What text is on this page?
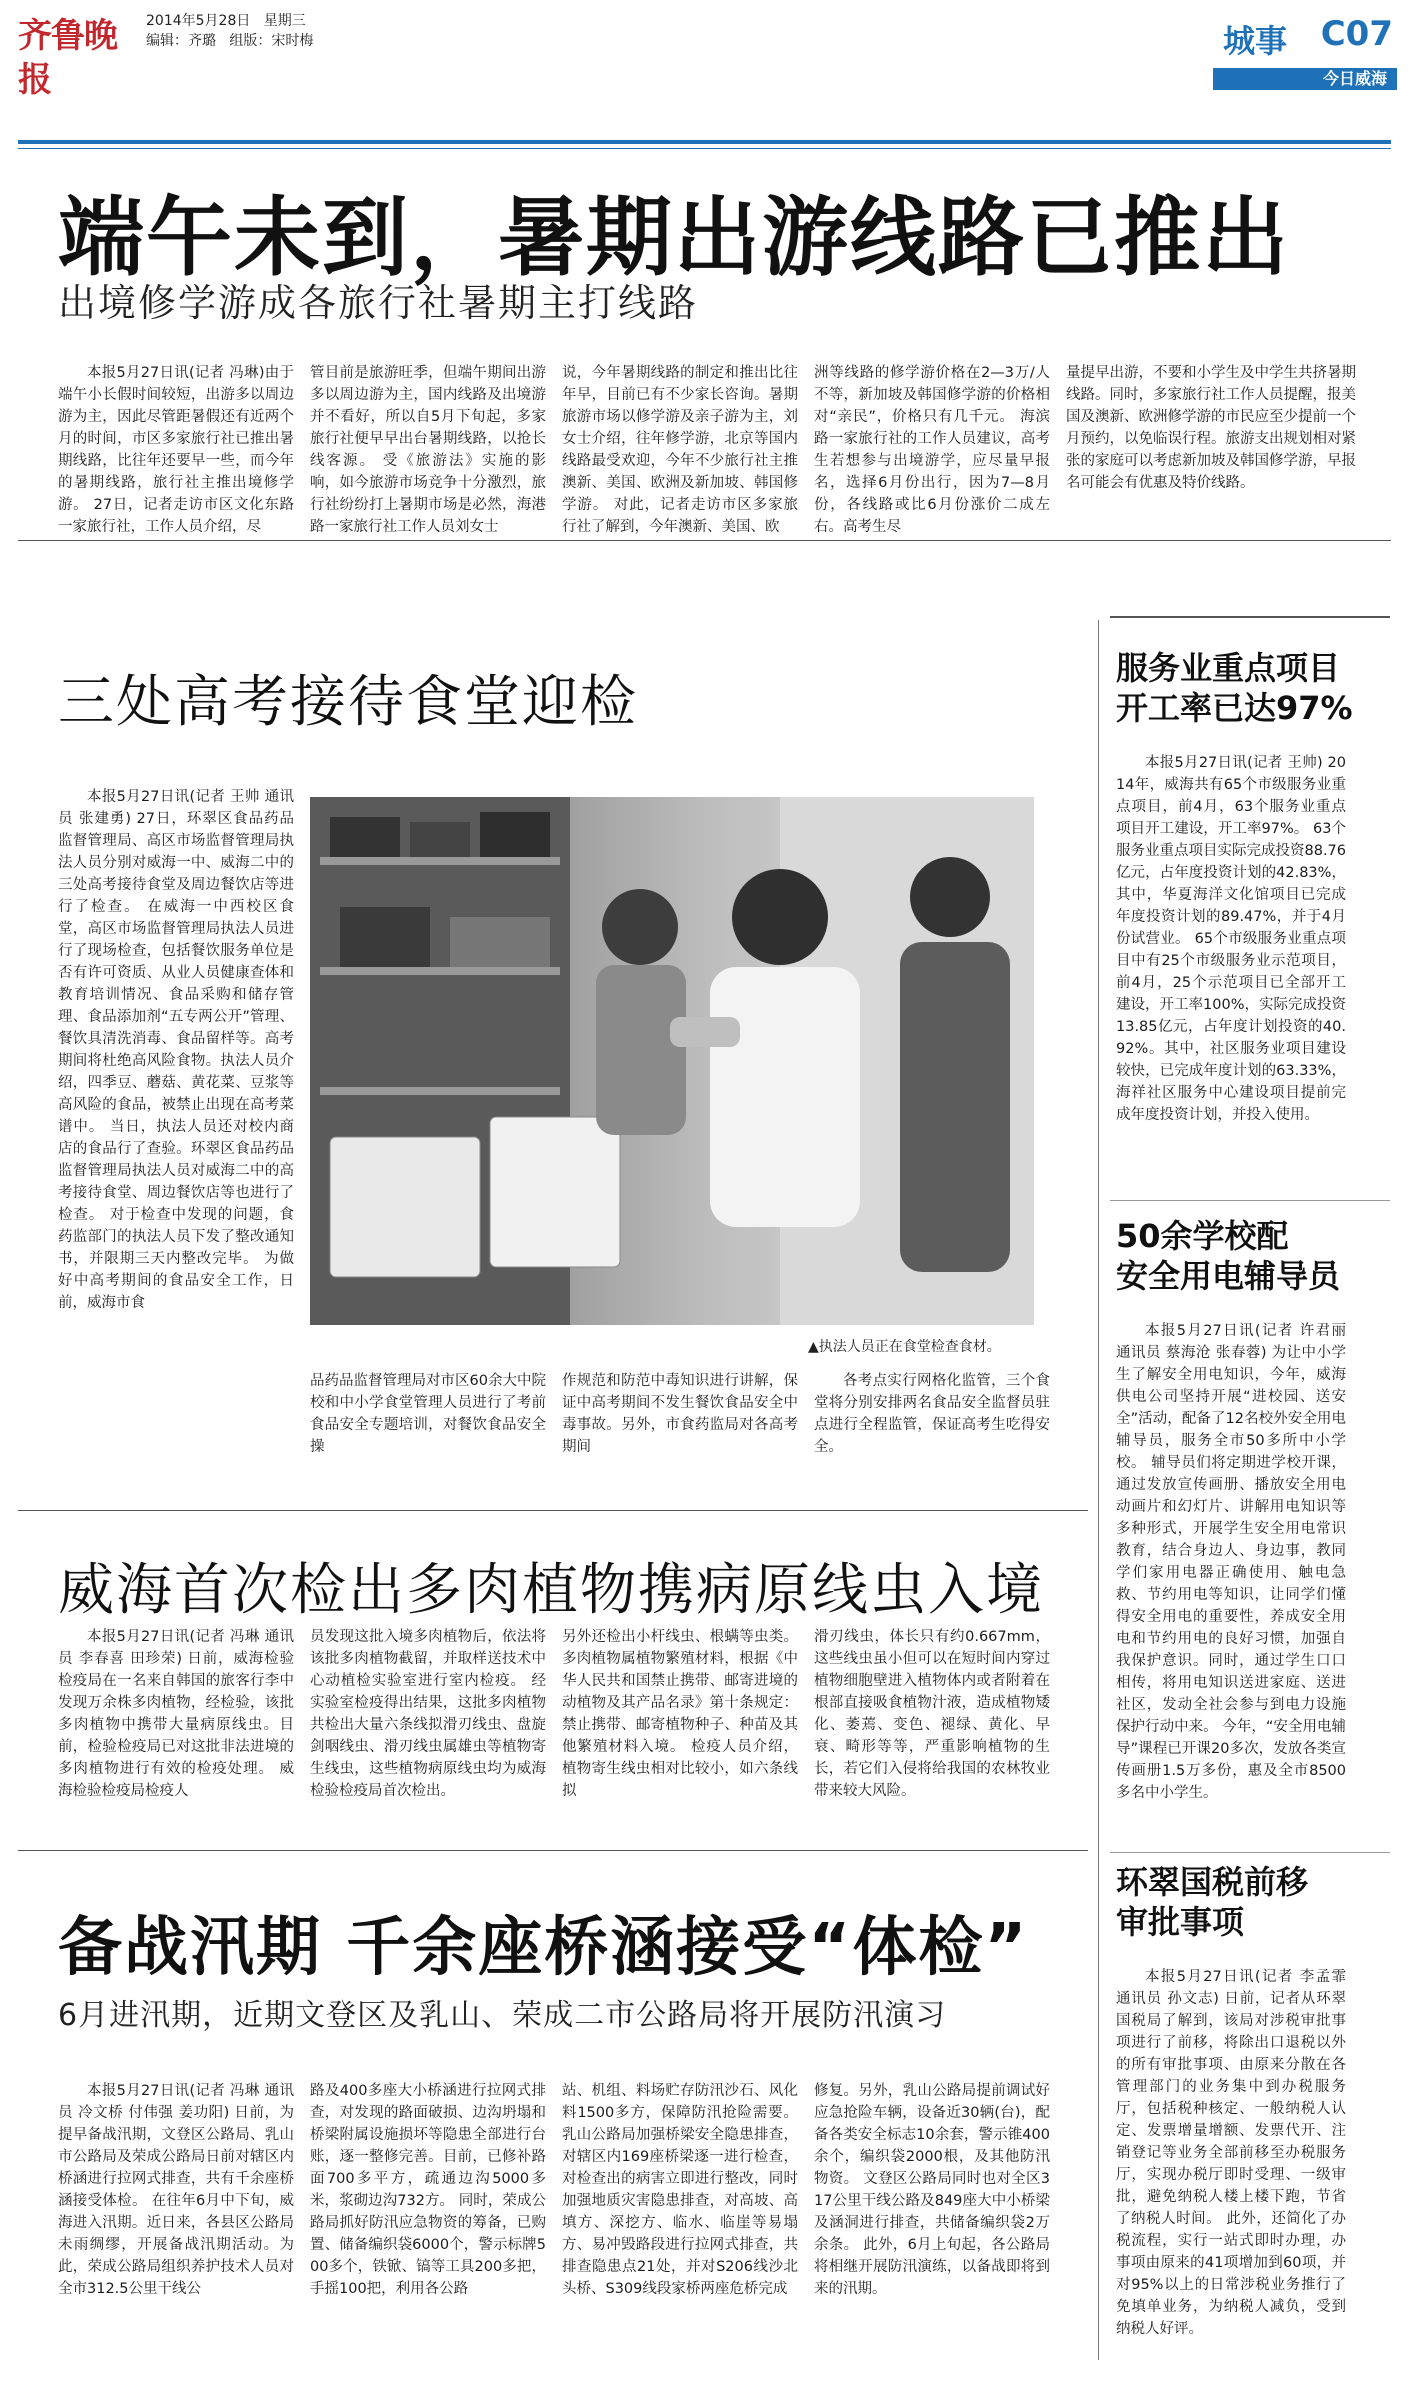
齐鲁晚报
2014年5月28日 星期三
编辑：齐璐 组版：宋时梅	城事 C07
今日威海
端午未到，暑期出游线路已推出
出境修学游成各旅行社暑期主打线路
本报5月27日讯(记者 冯琳)由于端午小长假时间较短，出游多以周边游为主，因此尽管距暑假还有近两个月的时间，市区多家旅行社已推出暑期线路，比往年还要早一些，而今年的暑期线路，旅行社主推出境修学游。 27日，记者走访市区文化东路一家旅行社，工作人员介绍，尽
管目前是旅游旺季，但端午期间出游多以周边游为主，国内线路及出境游并不看好，所以自5月下旬起，多家旅行社便早早出台暑期线路，以抢长线客源。 受《旅游法》实施的影响，如今旅游市场竞争十分激烈，旅行社纷纷打上暑期市场是必然，海港路一家旅行社工作人员刘女士
说，今年暑期线路的制定和推出比往年早，目前已有不少家长咨询。暑期旅游市场以修学游及亲子游为主，刘女士介绍，往年修学游，北京等国内线路最受欢迎，今年不少旅行社主推澳新、美国、欧洲及新加坡、韩国修学游。 对此，记者走访市区多家旅行社了解到，今年澳新、美国、欧
洲等线路的修学游价格在2—3万/人不等，新加坡及韩国修学游的价格相对“亲民”，价格只有几千元。 海滨路一家旅行社的工作人员建议，高考生若想参与出境游学，应尽量早报名，选择6月份出行，因为7—8月份，各线路或比6月份涨价二成左右。高考生尽
量提早出游，不要和小学生及中学生共挤暑期线路。同时，多家旅行社工作人员提醒，报美国及澳新、欧洲修学游的市民应至少提前一个月预约，以免临误行程。旅游支出规划相对紧张的家庭可以考虑新加坡及韩国修学游，早报名可能会有优惠及特价线路。
三处高考接待食堂迎检
本报5月27日讯(记者 王帅 通讯员 张建勇) 27日，环翠区食品药品监督管理局、高区市场监督管理局执法人员分别对威海一中、威海二中的三处高考接待食堂及周边餐饮店等进行了检查。 在威海一中西校区食堂，高区市场监督管理局执法人员进行了现场检查，包括餐饮服务单位是否有许可资质、从业人员健康查体和教育培训情况、食品采购和储存管理、食品添加剂“五专两公开”管理、餐饮具清洗消毒、食品留样等。高考期间将杜绝高风险食物。执法人员介绍，四季豆、蘑菇、黄花菜、豆浆等高风险的食品，被禁止出现在高考菜谱中。 当日，执法人员还对校内商店的食品行了查验。环翠区食品药品监督管理局执法人员对威海二中的高考接待食堂、周边餐饮店等也进行了检查。 对于检查中发现的问题，食药监部门的执法人员下发了整改通知书，并限期三天内整改完毕。 为做好中高考期间的食品安全工作，日前，威海市食
▲执法人员正在食堂检查食材。
品药品监督管理局对市区60余大中院校和中小学食堂管理人员进行了考前食品安全专题培训，对餐饮食品安全操
作规范和防范中毒知识进行讲解，保证中高考期间不发生餐饮食品安全中毒事故。另外，市食药监局对各高考期间
各考点实行网格化监管，三个食堂将分别安排两名食品安全监督员驻点进行全程监管，保证高考生吃得安全。
威海首次检出多肉植物携病原线虫入境
本报5月27日讯(记者 冯琳 通讯员 李春喜 田珍荣) 日前，威海检验检疫局在一名来自韩国的旅客行李中发现万余株多肉植物，经检验，该批多肉植物中携带大量病原线虫。目前，检验检疫局已对这批非法进境的多肉植物进行有效的检疫处理。 威海检验检疫局检疫人
员发现这批入境多肉植物后，依法将该批多肉植物截留，并取样送技术中心动植检实验室进行室内检疫。 经实验室检疫得出结果，这批多肉植物共检出大量六条线拟滑刃线虫、盘旋剑咽线虫、滑刃线虫属雄虫等植物寄生线虫，这些植物病原线虫均为威海检验检疫局首次检出。
另外还检出小杆线虫、根螨等虫类。 多肉植物属植物繁殖材料，根据《中华人民共和国禁止携带、邮寄进境的动植物及其产品名录》第十条规定：禁止携带、邮寄植物种子、种苗及其他繁殖材料入境。 检疫人员介绍，植物寄生线虫相对比较小，如六条线拟
滑刃线虫，体长只有约0.667mm，这些线虫虽小但可以在短时间内穿过植物细胞壁进入植物体内或者附着在根部直接吸食植物汁液，造成植物矮化、萎蔫、变色、褪绿、黄化、早衰、畸形等等，严重影响植物的生长，若它们入侵将给我国的农林牧业带来较大风险。
备战汛期 千余座桥涵接受“体检”
6月进汛期，近期文登区及乳山、荣成二市公路局将开展防汛演习
本报5月27日讯(记者 冯琳 通讯员 冷文桥 付伟强 姜功阳) 日前，为提早备战汛期，文登区公路局、乳山市公路局及荣成公路局日前对辖区内桥涵进行拉网式排查，共有千余座桥涵接受体检。 在往年6月中下旬，威海进入汛期。近日来，各县区公路局未雨绸缪，开展备战汛期活动。为此，荣成公路局组织养护技术人员对全市312.5公里干线公
路及400多座大小桥涵进行拉网式排查，对发现的路面破损、边沟坍塌和桥梁附属设施损坏等隐患全部进行台账，逐一整修完善。目前，已修补路面700多平方，疏通边沟5000多米，浆砌边沟732方。 同时，荣成公路局抓好防汛应急物资的筹备，已购置、储备编织袋6000个，警示标牌500多个，铁锨、镐等工具200多把，手摇100把，利用各公路
站、机组、料场贮存防汛沙石、风化料1500多方，保障防汛抢险需要。乳山公路局加强桥梁安全隐患排查，对辖区内169座桥梁逐一进行检查，对检查出的病害立即进行整改，同时加强地质灾害隐患排查，对高坡、高填方、深挖方、临水、临崖等易塌方、易冲毁路段进行拉网式排查，共排查隐患点21处，并对S206线沙北头桥、S309线段家桥两座危桥完成
修复。另外，乳山公路局提前调试好应急抢险车辆，设备近30辆(台)，配备各类安全标志10余套，警示锥400余个，编织袋2000根，及其他防汛物资。 文登区公路局同时也对全区317公里干线公路及849座大中小桥梁及涵洞进行排查，共储备编织袋2万余条。 此外，6月上旬起，各公路局将相继开展防汛演练，以备战即将到来的汛期。
服务业重点项目
开工率已达97%
本报5月27日讯(记者 王帅) 2014年，威海共有65个市级服务业重点项目，前4月，63个服务业重点项目开工建设，开工率97%。 63个服务业重点项目实际完成投资88.76亿元，占年度投资计划的42.83%，其中，华夏海洋文化馆项目已完成年度投资计划的89.47%，并于4月份试营业。 65个市级服务业重点项目中有25个市级服务业示范项目，前4月，25个示范项目已全部开工建设，开工率100%，实际完成投资13.85亿元，占年度计划投资的40.92%。其中，社区服务业项目建设较快，已完成年度计划的63.33%，海祥社区服务中心建设项目提前完成年度投资计划，并投入使用。
50余学校配
安全用电辅导员
本报5月27日讯(记者 许君丽 通讯员 蔡海沧 张春蓉) 为让中小学生了解安全用电知识，今年，威海供电公司坚持开展“进校园、送安全”活动，配备了12名校外安全用电辅导员，服务全市50多所中小学校。 辅导员们将定期进学校开课，通过发放宣传画册、播放安全用电动画片和幻灯片、讲解用电知识等多种形式，开展学生安全用电常识教育，结合身边人、身边事，教同学们家用电器正确使用、触电急救、节约用电等知识，让同学们懂得安全用电的重要性，养成安全用电和节约用电的良好习惯，加强自我保护意识。同时，通过学生口口相传，将用电知识送进家庭、送进社区，发动全社会参与到电力设施保护行动中来。 今年，“安全用电辅导”课程已开课20多次，发放各类宣传画册1.5万多份，惠及全市8500多名中小学生。
环翠国税前移
审批事项
本报5月27日讯(记者 李孟霏 通讯员 孙文志) 日前，记者从环翠国税局了解到，该局对涉税审批事项进行了前移，将除出口退税以外的所有审批事项、由原来分散在各管理部门的业务集中到办税服务厅，包括税种核定、一般纳税人认定、发票增量增额、发票代开、注销登记等业务全部前移至办税服务厅，实现办税厅即时受理、一级审批，避免纳税人楼上楼下跑，节省了纳税人时间。 此外，还简化了办税流程，实行一站式即时办理，办事项由原来的41项增加到60项，并对95%以上的日常涉税业务推行了免填单业务，为纳税人减负，受到纳税人好评。
